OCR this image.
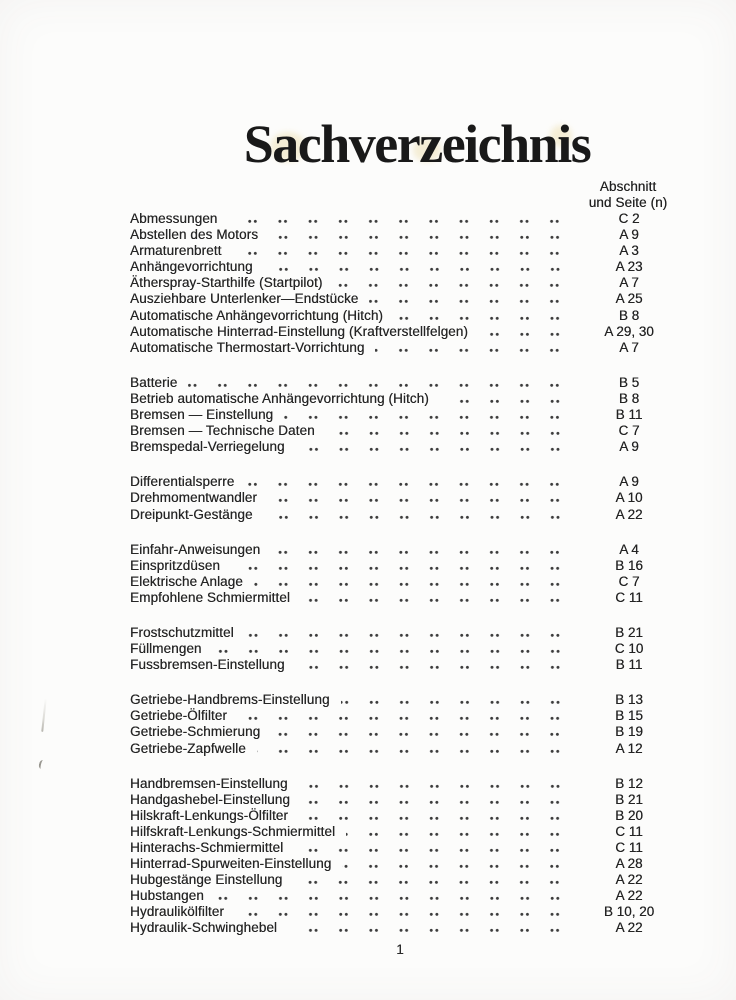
Sachverzeichnis
Abschnitt
und Seite (n)
Abmessungen	C 2
Abstellen des Motors	A 9
Armaturenbrett	A 3
Anhängevorrichtung	A 23
Ätherspray-Starthilfe (Startpilot)	A 7
Ausziehbare Unterlenker—Endstücke	A 25
Automatische Anhängevorrichtung (Hitch)	B 8
Automatische Hinterrad-Einstellung (Kraftverstellfelgen)	A 29, 30
Automatische Thermostart-Vorrichtung	A 7
Batterie	B 5
Betrieb automatische Anhängevorrichtung (Hitch)	B 8
Bremsen — Einstellung	B 11
Bremsen — Technische Daten	C 7
Bremspedal-Verriegelung	A 9
Differentialsperre	A 9
Drehmomentwandler	A 10
Dreipunkt-Gestänge	A 22
Einfahr-Anweisungen	A 4
Einspritzdüsen	B 16
Elektrische Anlage	C 7
Empfohlene Schmiermittel	C 11
Frostschutzmittel	B 21
Füllmengen	C 10
Fussbremsen-Einstellung	B 11
Getriebe-Handbrems-Einstellung	B 13
Getriebe-Ölfilter	B 15
Getriebe-Schmierung	B 19
Getriebe-Zapfwelle	A 12
Handbremsen-Einstellung	B 12
Handgashebel-Einstellung	B 21
Hilskraft-Lenkungs-Ölfilter	B 20
Hilfskraft-Lenkungs-Schmiermittel	C 11
Hinterachs-Schmiermittel	C 11
Hinterrad-Spurweiten-Einstellung	A 28
Hubgestänge Einstellung	A 22
Hubstangen	A 22
Hydraulikölfilter	B 10, 20
Hydraulik-Schwinghebel	A 22
1
